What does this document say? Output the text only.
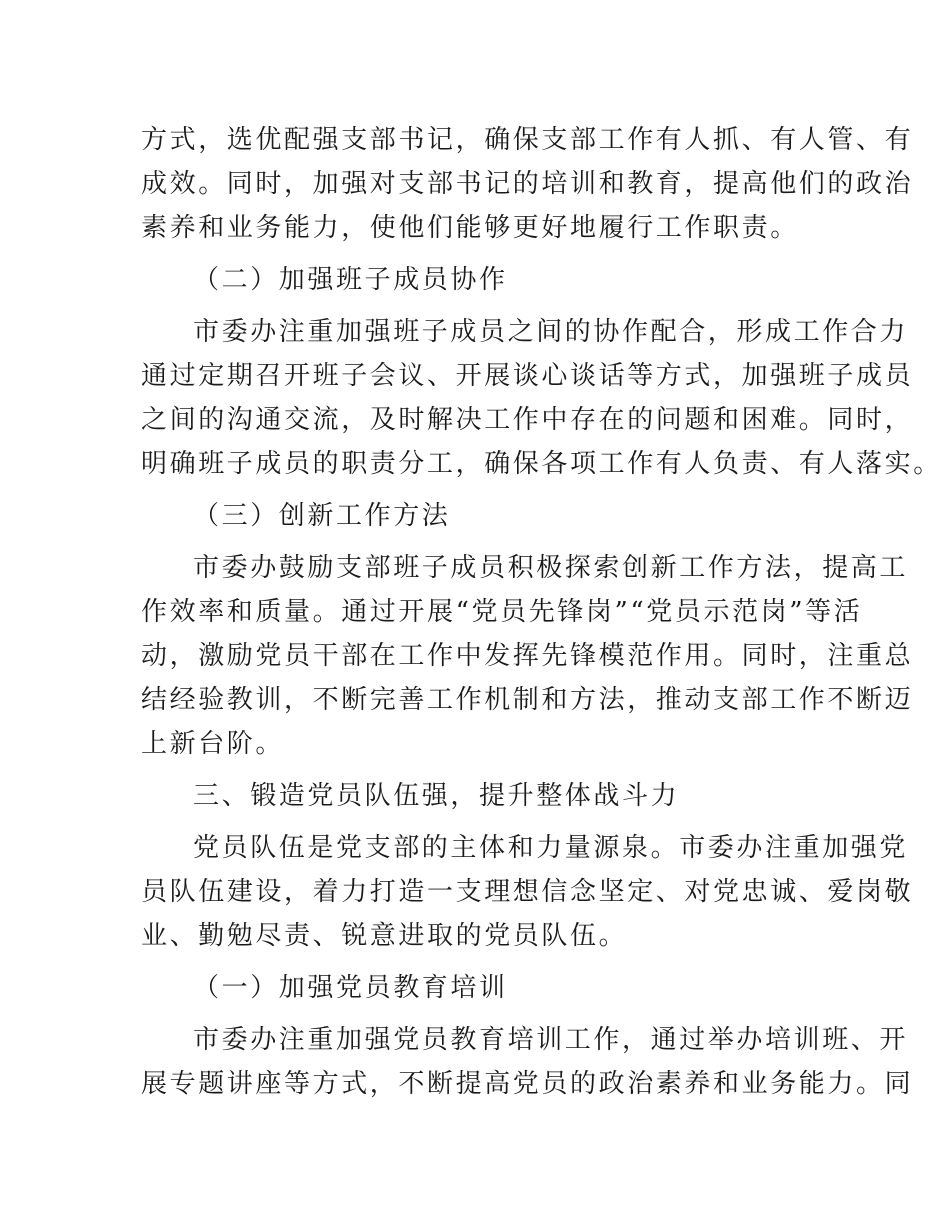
方式，选优配强支部书记，确保支部工作有人抓、有人管、有
成效。同时，加强对支部书记的培训和教育，提高他们的政治
素养和业务能力，使他们能够更好地履行工作职责。
（二）加强班子成员协作
市委办注重加强班子成员之间的协作配合，形成工作合力
通过定期召开班子会议、开展谈心谈话等方式，加强班子成员
之间的沟通交流，及时解决工作中存在的问题和困难。同时，
明确班子成员的职责分工，确保各项工作有人负责、有人落实。
（三）创新工作方法
市委办鼓励支部班子成员积极探索创新工作方法，提高工
作效率和质量。通过开展“党员先锋岗”“党员示范岗”等活
动，激励党员干部在工作中发挥先锋模范作用。同时，注重总
结经验教训，不断完善工作机制和方法，推动支部工作不断迈
上新台阶。
三、锻造党员队伍强，提升整体战斗力
党员队伍是党支部的主体和力量源泉。市委办注重加强党
员队伍建设，着力打造一支理想信念坚定、对党忠诚、爱岗敬
业、勤勉尽责、锐意进取的党员队伍。
（一）加强党员教育培训
市委办注重加强党员教育培训工作，通过举办培训班、开
展专题讲座等方式，不断提高党员的政治素养和业务能力。同
